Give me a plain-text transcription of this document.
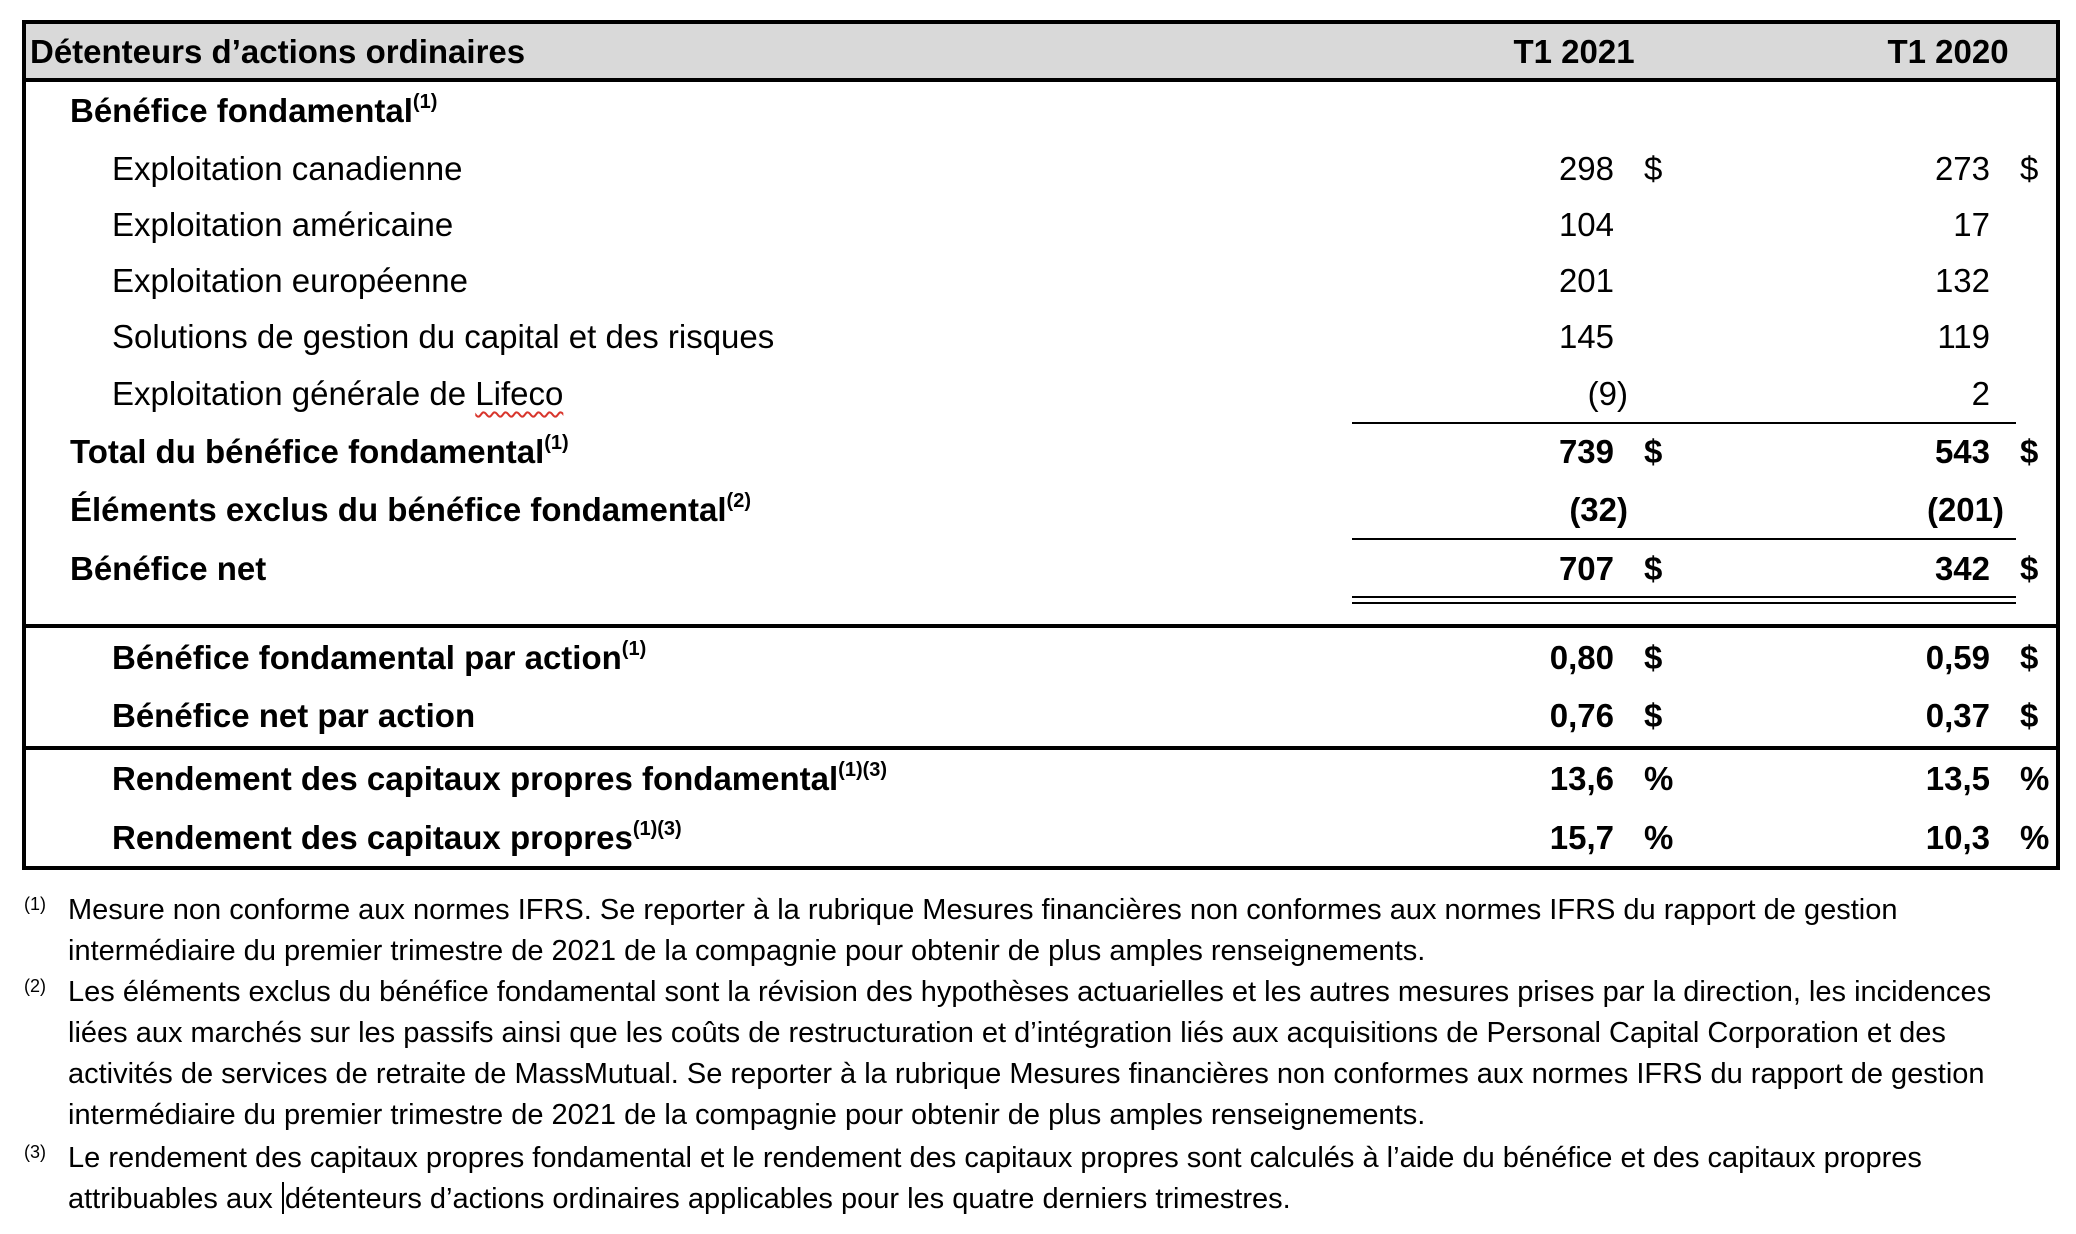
Détenteurs d’actions ordinaires	T1 2021	T1 2020
Bénéfice fondamental$^{(1)}$
Exploitation canadienne	298 $	273 $
Exploitation américaine	104	17
Exploitation européenne	201	132
Solutions de gestion du capital et des risques	145	119
Exploitation générale de Lifeco	(9)	2
Total du bénéfice fondamental$^{(1)}$	739 $	543 $
Éléments exclus du bénéfice fondamental$^{(2)}$	(32)	(201)
Bénéfice net	707 $	342 $
Bénéfice fondamental par action$^{(1)}$	0,80 $	0,59 $
Bénéfice net par action	0,76 $	0,37 $
Rendement des capitaux propres fondamental$^{(1)(3)}$	13,6 %	13,5 %
Rendement des capitaux propres$^{(1)(3)}$	15,7 %	10,3 %
(1) Mesure non conforme aux normes IFRS. Se reporter à la rubrique Mesures financières non conformes aux normes IFRS du rapport de gestion
intermédiaire du premier trimestre de 2021 de la compagnie pour obtenir de plus amples renseignements.
(2) Les éléments exclus du bénéfice fondamental sont la révision des hypothèses actuarielles et les autres mesures prises par la direction, les incidences
liées aux marchés sur les passifs ainsi que les coûts de restructuration et d’intégration liés aux acquisitions de Personal Capital Corporation et des
activités de services de retraite de MassMutual. Se reporter à la rubrique Mesures financières non conformes aux normes IFRS du rapport de gestion
intermédiaire du premier trimestre de 2021 de la compagnie pour obtenir de plus amples renseignements.
(3) Le rendement des capitaux propres fondamental et le rendement des capitaux propres sont calculés à l’aide du bénéfice et des capitaux propres
attribuables aux détenteurs d’actions ordinaires applicables pour les quatre derniers trimestres.
